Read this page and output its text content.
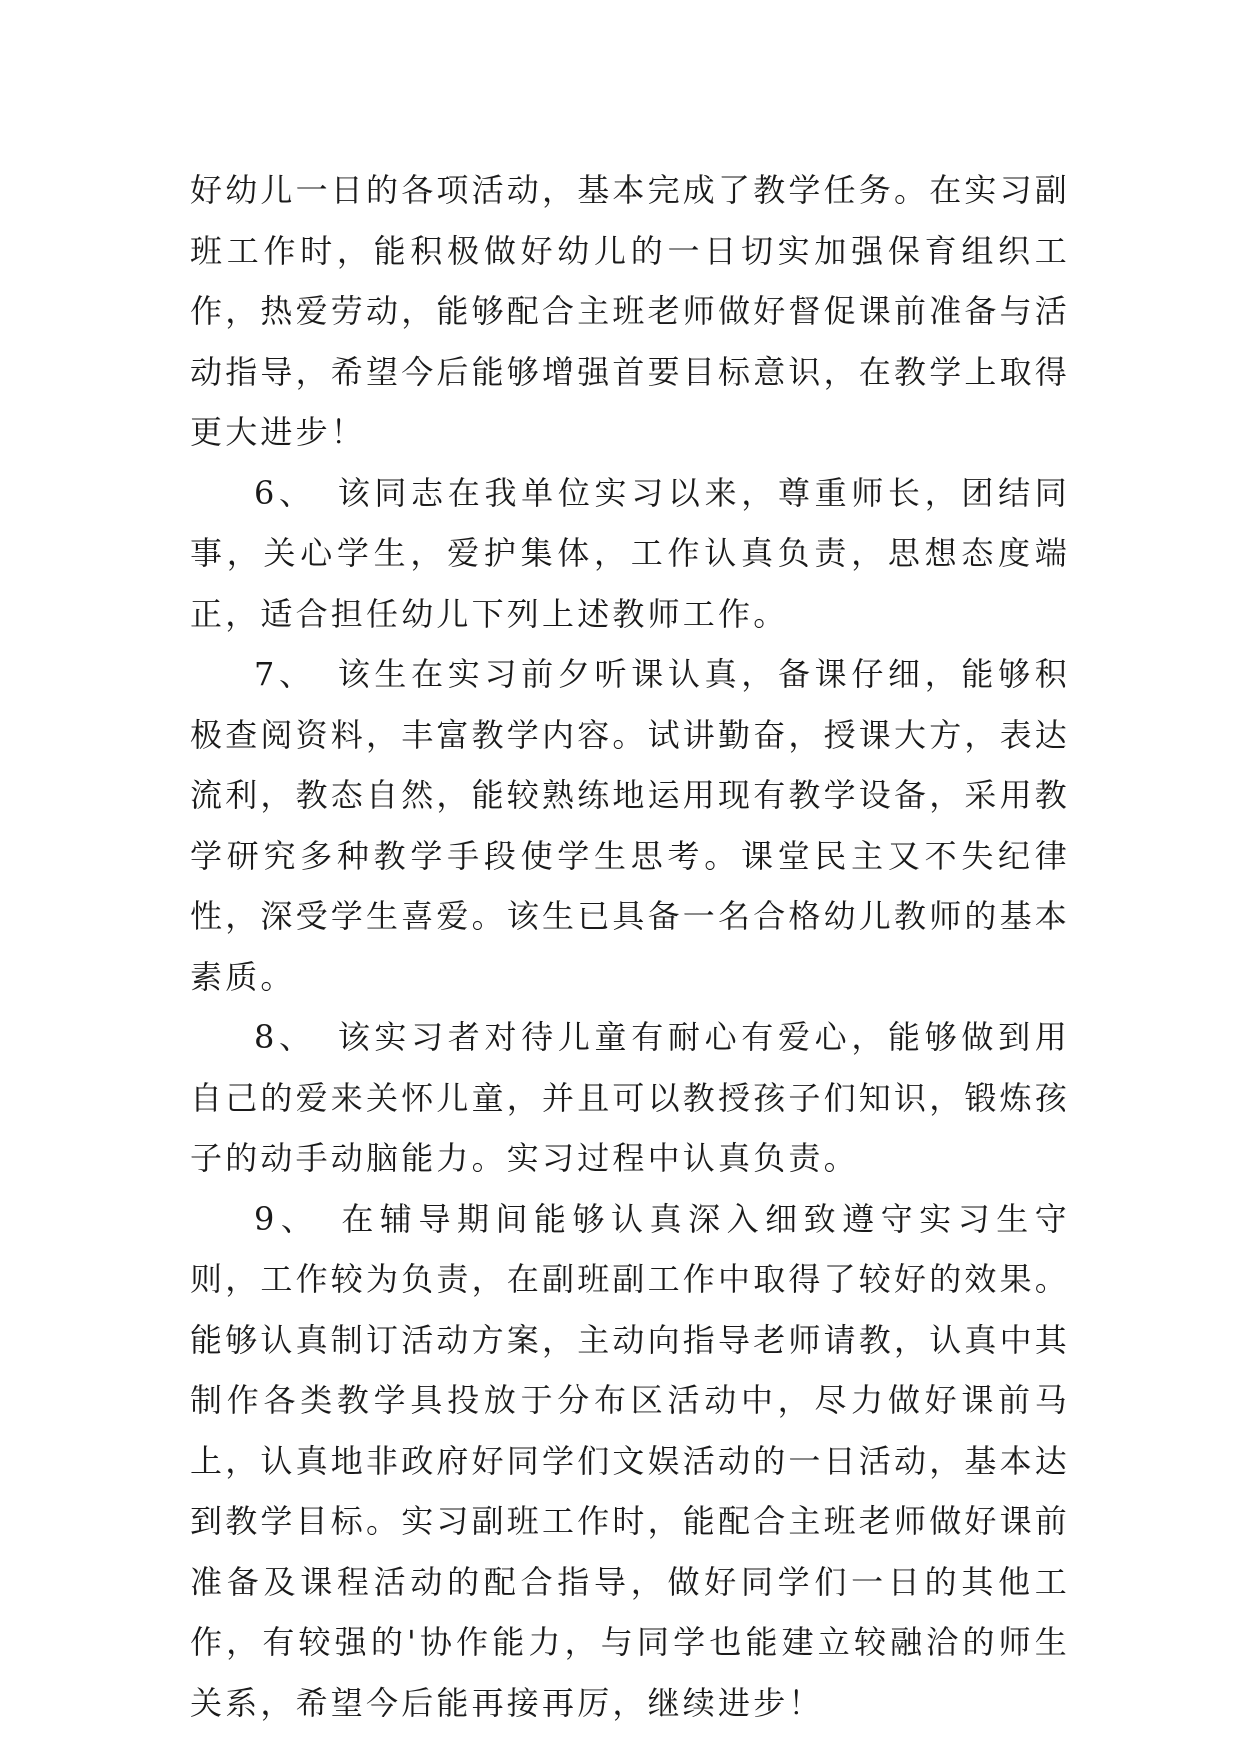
好幼儿一日的各项活动，基本完成了教学任务。在实习副班工作时，能积极做好幼儿的一日切实加强保育组织工作，热爱劳动，能够配合主班老师做好督促课前准备与活动指导，希望今后能够增强首要目标意识，在教学上取得更大进步！

6、 该同志在我单位实习以来，尊重师长，团结同事，关心学生，爱护集体，工作认真负责，思想态度端正，适合担任幼儿下列上述教师工作。

7、 该生在实习前夕听课认真，备课仔细，能够积极查阅资料，丰富教学内容。试讲勤奋，授课大方，表达流利，教态自然，能较熟练地运用现有教学设备，采用教学研究多种教学手段使学生思考。课堂民主又不失纪律性，深受学生喜爱。该生已具备一名合格幼儿教师的基本素质。

8、 该实习者对待儿童有耐心有爱心，能够做到用自己的爱来关怀儿童，并且可以教授孩子们知识，锻炼孩子的动手动脑能力。实习过程中认真负责。

9、 在辅导期间能够认真深入细致遵守实习生守则，工作较为负责，在副班副工作中取得了较好的效果。能够认真制订活动方案，主动向指导老师请教，认真中其制作各类教学具投放于分布区活动中，尽力做好课前马上，认真地非政府好同学们文娱活动的一日活动，基本达到教学目标。实习副班工作时，能配合主班老师做好课前准备及课程活动的配合指导，做好同学们一日的其他工作，有较强的'协作能力，与同学也能建立较融洽的师生关系，希望今后能再接再厉，继续进步！
